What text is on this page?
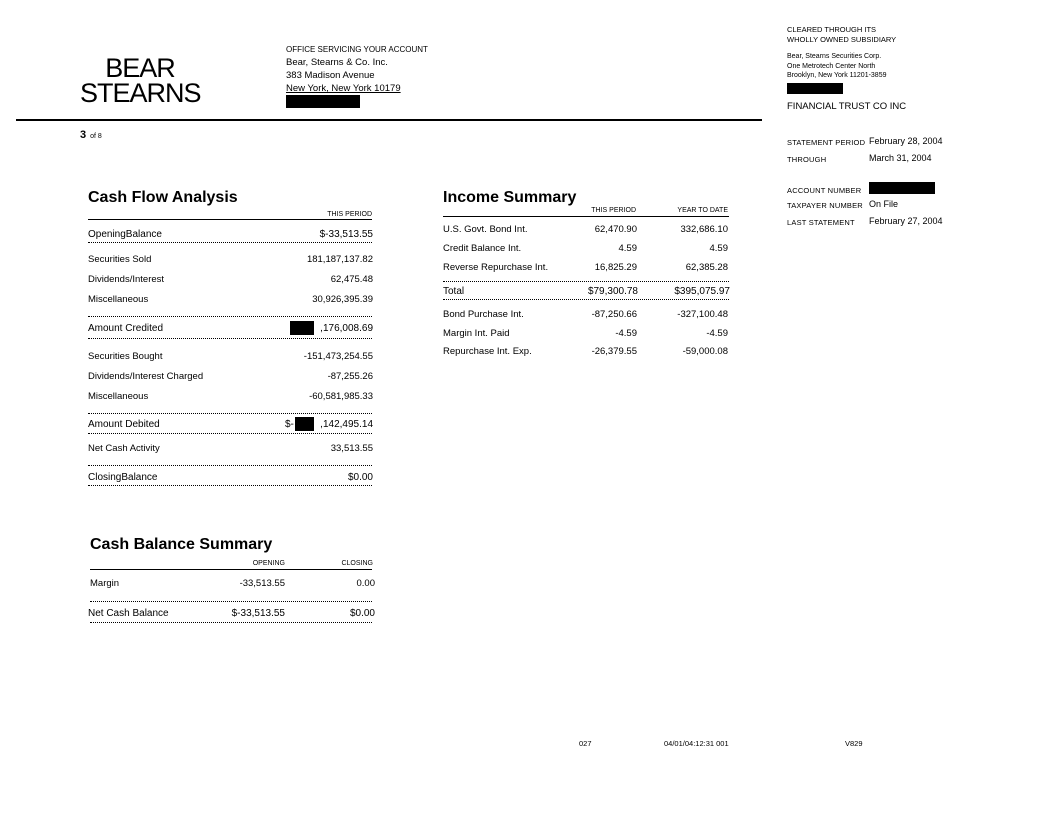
BEAR
STEARNS
OFFICE SERVICING YOUR ACCOUNT
Bear, Stearns & Co. Inc.
383 Madison Avenue
New York, New York 10179
3 of 8
CLEARED THROUGH ITS
WHOLLY OWNED SUBSIDIARY
Bear, Stearns Securities Corp.
One Metrotech Center North
Brooklyn, New York 11201-3859
FINANCIAL TRUST CO INC
STATEMENT PERIOD February 28, 2004
THROUGH	March 31, 2004
ACCOUNT NUMBER
TAXPAYER NUMBER On File
LAST STATEMENT February 27, 2004
Cash Flow Analysis
THIS PERIOD
OpeningBalance	$-33,513.55
Securities Sold	181,187,137.82
Dividends/Interest	62,475.48
Miscellaneous	30,926,395.39
Amount Credited	,176,008.69
Securities Bought	-151,473,254.55
Dividends/Interest Charged	-87,255.26
Miscellaneous	-60,581,985.33
Amount Debited	$-	,142,495.14
Net Cash Activity	33,513.55
ClosingBalance	$0.00
Income Summary
THIS PERIOD	YEAR TO DATE
U.S. Govt. Bond Int.	62,470.90	332,686.10
Credit Balance Int.	4.59	4.59
Reverse Repurchase Int.	16,825.29	62,385.28
Total	$79,300.78	$395,075.97
Bond Purchase Int.	-87,250.66	-327,100.48
Margin Int. Paid	-4.59	-4.59
Repurchase Int. Exp.	-26,379.55	-59,000.08
Cash Balance Summary
OPENING	CLOSING
Margin	-33,513.55	0.00
Net Cash Balance	$-33,513.55	$0.00
027	04/01/04:12:31 001	V829
